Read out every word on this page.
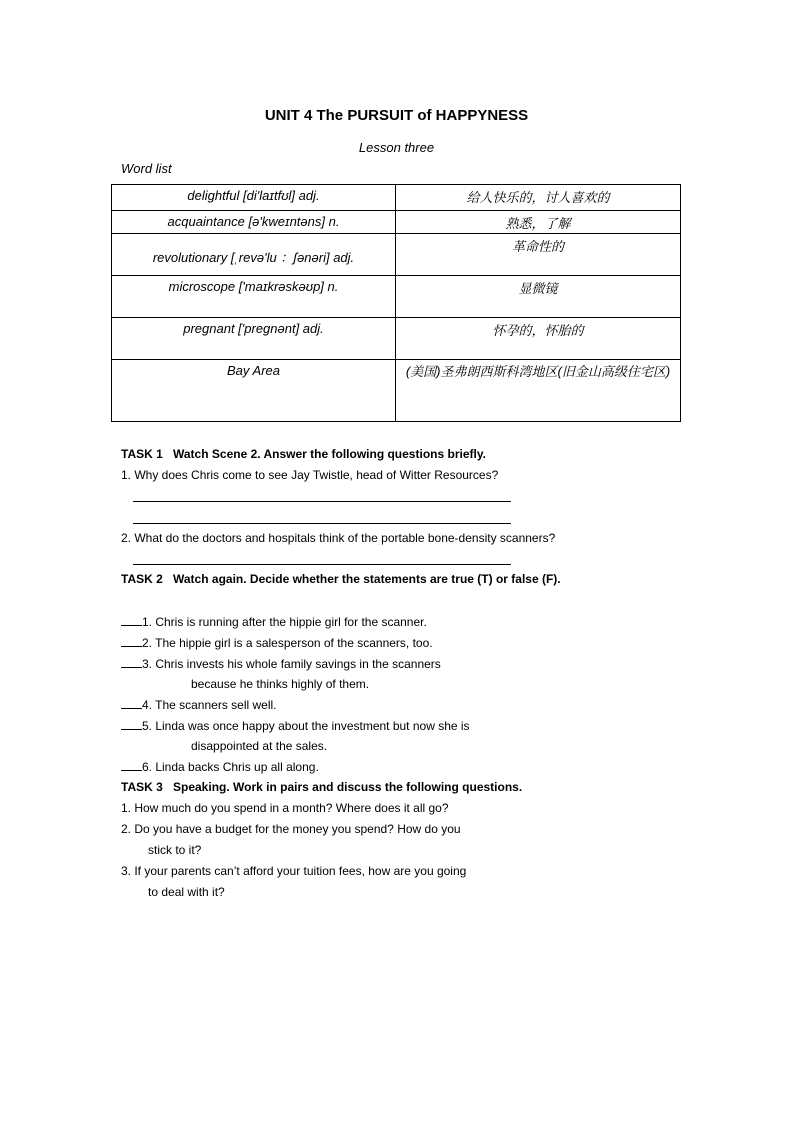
UNIT 4 The PURSUIT of HAPPYNESS
Lesson three
Word list
delightful [di'laɪtfʊl] adj.	给人快乐的，讨人喜欢的
acquaintance [ə'kweɪntəns] n.	熟悉，了解
revolutionary [ˌrevə'lu ：ʃənəri] adj.	革命性的
microscope ['maɪkrəskəʊp] n.	显微镜
pregnant ['pregnənt] adj.	怀孕的，怀胎的
Bay Area	(美国)圣弗朗西斯科湾地区(旧金山高级住宅区)
TASK 1 Watch Scene 2. Answer the following questions briefly.
1. Why does Chris come to see Jay Twistle, head of Witter Resources?
2. What do the doctors and hospitals think of the portable bone-density scanners?
TASK 2 Watch again. Decide whether the statements are true (T) or false (F).
1. Chris is running after the hippie girl for the scanner.
2. The hippie girl is a salesperson of the scanners, too.
3. Chris invests his whole family savings in the scanners
because he thinks highly of them.
4. The scanners sell well.
5. Linda was once happy about the investment but now she is
disappointed at the sales.
6. Linda backs Chris up all along.
TASK 3 Speaking. Work in pairs and discuss the following questions.
1. How much do you spend in a month? Where does it all go?
2. Do you have a budget for the money you spend? How do you
stick to it?
3. If your parents can’t afford your tuition fees, how are you going
to deal with it?
